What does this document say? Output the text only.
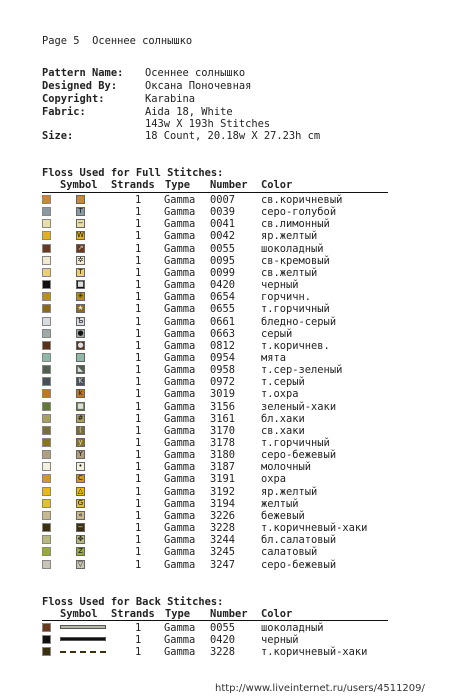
Page 5 Осеннее солнышко
Pattern Name: Осеннее солнышко
Designed By:	Оксана Поночевная
Copyright:	Karabina
Fabric:	Aida 18, White
143w X 193h Stitches
Size:	18 Count, 20.18w X 27.23h cm
Floss Used for Full Stitches:
Symbol Strands Type Number Color
1 Gamma 0007 св.коричневый
T	1 Gamma 0039 серо-голубой
−	1 Gamma 0041 св.лимонный
W	1 Gamma 0042 яр.желтый
↗	1 Gamma 0055 шоколадный
✲	1 Gamma 0095 св-кремовый
T	1 Gamma 0099 св.желтый
■	1 Gamma 0420 черный
✳	1 Gamma 0654 горчичн.
★	1 Gamma 0655 т.горчичный
Ъ	1 Gamma 0661 бледно-серый
●	1 Gamma 0663 серый
●	1 Gamma 0812 т.коричнев.
1 Gamma 0954 мята
◣	1 Gamma 0958 т.сер-зеленый
K	1 Gamma 0972 т.серый
k	1 Gamma 3019 т.охра
■	1 Gamma 3156 зеленый-хаки
#	1 Gamma 3161 бл.хаки
(	1 Gamma 3170 св.хаки
y	1 Gamma 3178 т.горчичный
Y	1 Gamma 3180 серо-бежевый
•	1 Gamma 3187 молочный
C	1 Gamma 3191 охра
△	1 Gamma 3192 яр.желтый
G	1 Gamma 3194 желтый
«	1 Gamma 3226 бежевый
−	1 Gamma 3228 т.коричневый-хаки
✥	1 Gamma 3244 бл.салатовый
Z	1 Gamma 3245 салатовый
▽	1 Gamma 3247 серо-бежевый
Floss Used for Back Stitches:
Symbol Strands Type Number Color
1 Gamma 0055 шоколадный
1 Gamma 0420 черный
1 Gamma 3228 т.коричневый-хаки
http://www.liveinternet.ru/users/4511209/
